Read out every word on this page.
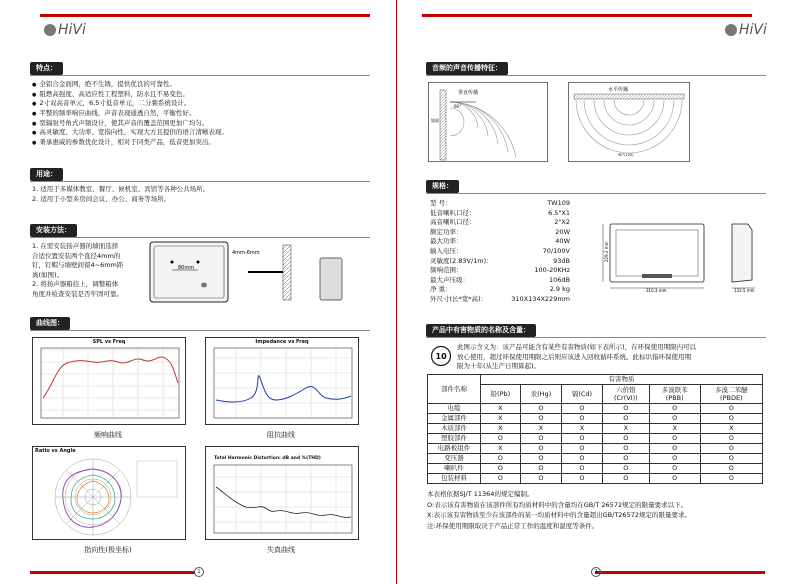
HiVi
特点：
● 全铝合金面网，绝不生锈，提供优良的可靠性。
● 阻燃高强度、高适应性工程塑料，防水且不易变色。
● 2寸双高音单元，6.5寸低音单元，二分频系统设计。
● 平整的频率响应曲线，声音表现通透自然，平衡性好。
● 宽辐射号角式声频设计，使其声音的覆盖范围更加广均匀。
● 高灵敏度、大功率、宽指向性，实现大方且提供的语言清晰表现。
● 秉承惠威的参数优化设计，相对于同类产品，低音更加突出。
用途：
1. 适用于多媒体教室、餐厅、候机室、宾馆等各种公共场所。
2. 适用于小型多房间会议、办公、商务等场所。
安装方法：
1. 在需安装扬声器的墙面选择
合适位置安装两个直径4mm的
钉，钉帽与墙壁间留4~6mm距
离(如图)。
2. 将扬声器箱挂上，调整箱体
角度并检查安装是否牢固可靠。
80mm
4mm-6mm
曲线图：
SPL vs Freq
频响曲线
Impedance vs Freq
阻抗曲线
Ratio vs Angle
指向性(极坐标)
Total Harmonic Distortion: dB and %(THD)
失真曲线
1
HiVi
音频的声音传播特征：
垂直传播
60°
墙面
水平传播
90°(120)
规格：
型 号：	TW109
低音喇叭口径：	6.5"X1
高音喇叭口径：	2"X2
额定功率：	20W
最大功率：	40W
输入电压：	70/100V
灵敏度(2.83V/1m)：	93dB
频响范围：	100-20KHz
最大声压级：	106dB
净 重：	2.9 kg
外尺寸(长*宽*高)：	310X134X229mm
229.3 mm
310.3 mm	133.5 mm
产品中有害物质的名称及含量：
10
此图示含义为：该产品可能含有某些有害物质(如下表所示)，在环保使用期限内可以
放心使用，超过环保使用期限之后则应该进入回收循环系统。此标识指环保使用期
限为十年(从生产日期算起)。
部件名称	有害物质					
	铅(Pb)	汞(Hg)	镉(Cd)	六价铬
(Cr(VI))	多溴联苯
(PBB)	多溴二苯醚
(PBDE)
电缆	X	O	O	O	O	O
金属部件	X	O	O	O	O	O
木质部件	X	X	X	X	X	X
塑胶部件	O	O	O	O	O	O
电路板组件	X	O	O	O	O	O
变压器	O	O	O	O	O	O
喇叭件	O	O	O	O	O	O
包装材料	O	O	O	O	O	O
本表格依据SJ/T 11364的规定编制。
O:表示该有害物质在该部件所有均质材料中的含量均在GB/T 26572规定的限量要求以下。
X:表示该有害物质至少在该部件的某一均质材料中的含量超出GB/T26572规定的限量要求。
注:环保使用期限取决于产品正常工作的温度和湿度等条件。
2
